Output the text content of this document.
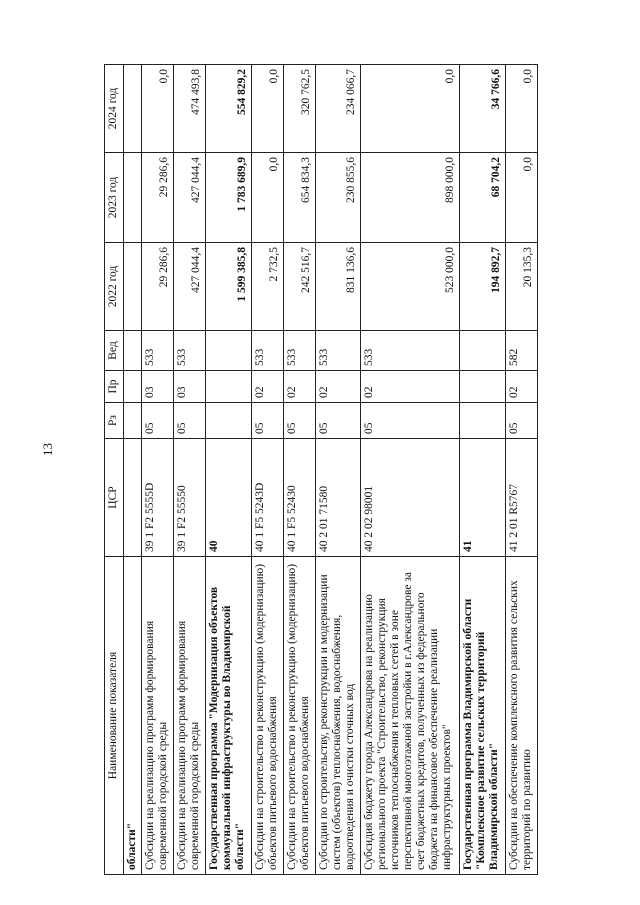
13
Наименование показателя	ЦСР	Рз	Пр	Вед	2022 год	2023 год	2024 год
области"							
Субсидии на реализацию программ формирования современной городской среды	39 1 F2 5555D	05	03	533	29 286,6	29 286,6	0,0
Субсидии на реализацию программ формирования современной городской среды	39 1 F2 55550	05	03	533	427 044,4	427 044,4	474 493,8
Государственная программа "Модернизация объектов коммунальной инфраструктуры во Владимирской области"	40				1 599 385,8	1 783 689,9	554 829,2
Субсидии на строительство и реконструкцию (модернизацию) объектов питьевого водоснабжения	40 1 F5 5243D	05	02	533	2 732,5	0,0	0,0
Субсидии на строительство и реконструкцию (модернизацию) объектов питьевого водоснабжения	40 1 F5 52430	05	02	533	242 516,7	654 834,3	320 762,5
Субсидии по строительству, реконструкции и модернизации систем (объектов) теплоснабжения, водоснабжения, водоотведения и очистки сточных вод	40 2 01 71580	05	02	533	831 136,6	230 855,6	234 066,7
Субсидия бюджету города Александрова на реализацию регионального проекта "Строительство, реконструкция источников теплоснабжения и тепловых сетей в зоне перспективной многоэтажной застройки в г.Александрове за счет бюджетных кредитов, полученных из федерального бюджета на финансовое обеспечение реализации инфраструктурных проектов"	40 2 02 98001	05	02	533	523 000,0	898 000,0	0,0
Государственная программа Владимирской области "Комплексное развитие сельских территорий Владимирской области"	41				194 892,7	68 704,2	34 766,6
Субсидии на обеспечение комплексного развития сельских территорий по развитию	41 2 01 R5767	05	02	582	20 135,3	0,0	0,0
